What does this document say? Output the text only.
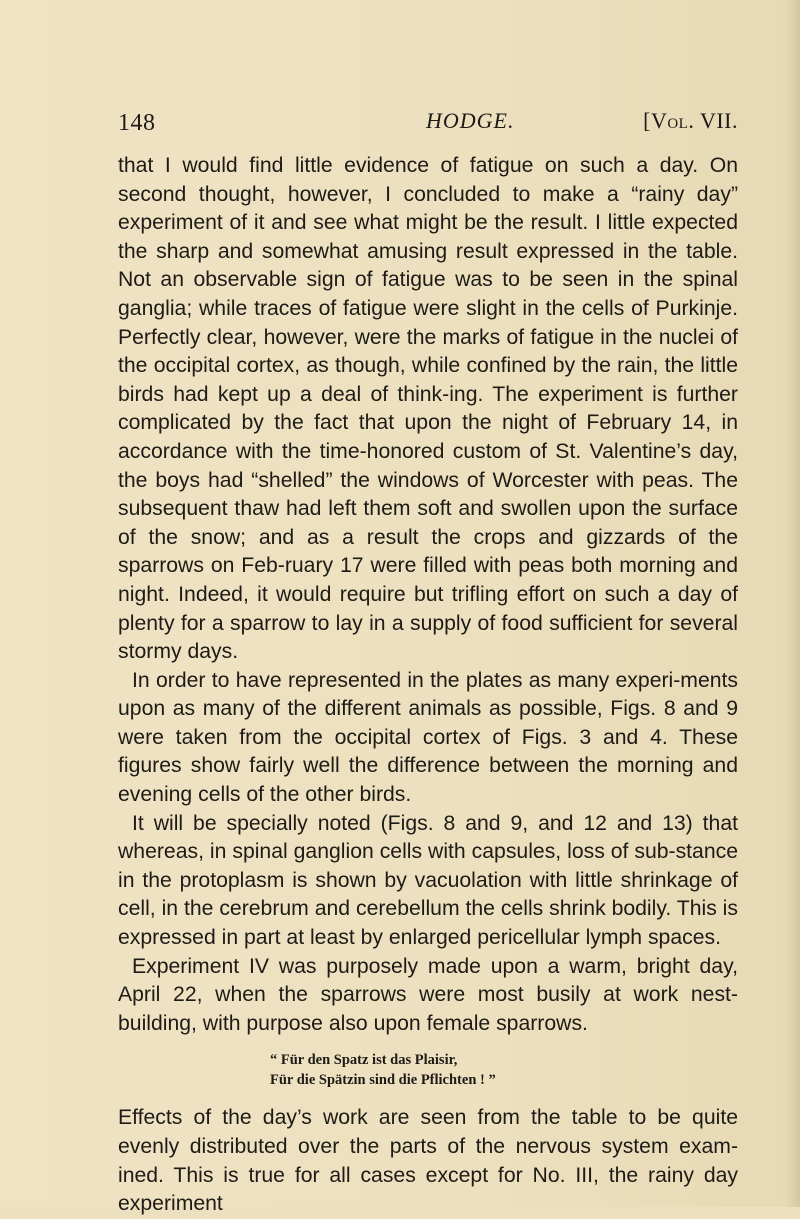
148	HODGE.	[Vol. VII.

that I would find little evidence of fatigue on such a day. On second thought, however, I concluded to make a “rainy day” experiment of it and see what might be the result. I little expected the sharp and somewhat amusing result expressed in the table. Not an observable sign of fatigue was to be seen in the spinal ganglia; while traces of fatigue were slight in the cells of Purkinje. Perfectly clear, however, were the marks of fatigue in the nuclei of the occipital cortex, as though, while confined by the rain, the little birds had kept up a deal of think-ing. The experiment is further complicated by the fact that upon the night of February 14, in accordance with the time-honored custom of St. Valentine’s day, the boys had “shelled” the windows of Worcester with peas. The subsequent thaw had left them soft and swollen upon the surface of the snow; and as a result the crops and gizzards of the sparrows on Feb-ruary 17 were filled with peas both morning and night. Indeed, it would require but trifling effort on such a day of plenty for a sparrow to lay in a supply of food sufficient for several stormy days.

In order to have represented in the plates as many experi-ments upon as many of the different animals as possible, Figs. 8 and 9 were taken from the occipital cortex of Figs. 3 and 4. These figures show fairly well the difference between the morning and evening cells of the other birds.

It will be specially noted (Figs. 8 and 9, and 12 and 13) that whereas, in spinal ganglion cells with capsules, loss of sub-stance in the protoplasm is shown by vacuolation with little shrinkage of cell, in the cerebrum and cerebellum the cells shrink bodily. This is expressed in part at least by enlarged pericellular lymph spaces.

Experiment IV was purposely made upon a warm, bright day, April 22, when the sparrows were most busily at work nest-building, with purpose also upon female sparrows.

“ Für den Spatz ist das Plaisir,
Für die Spätzin sind die Pflichten ! ”

Effects of the day’s work are seen from the table to be quite evenly distributed over the parts of the nervous system exam-ined. This is true for all cases except for No. III, the rainy day experiment
